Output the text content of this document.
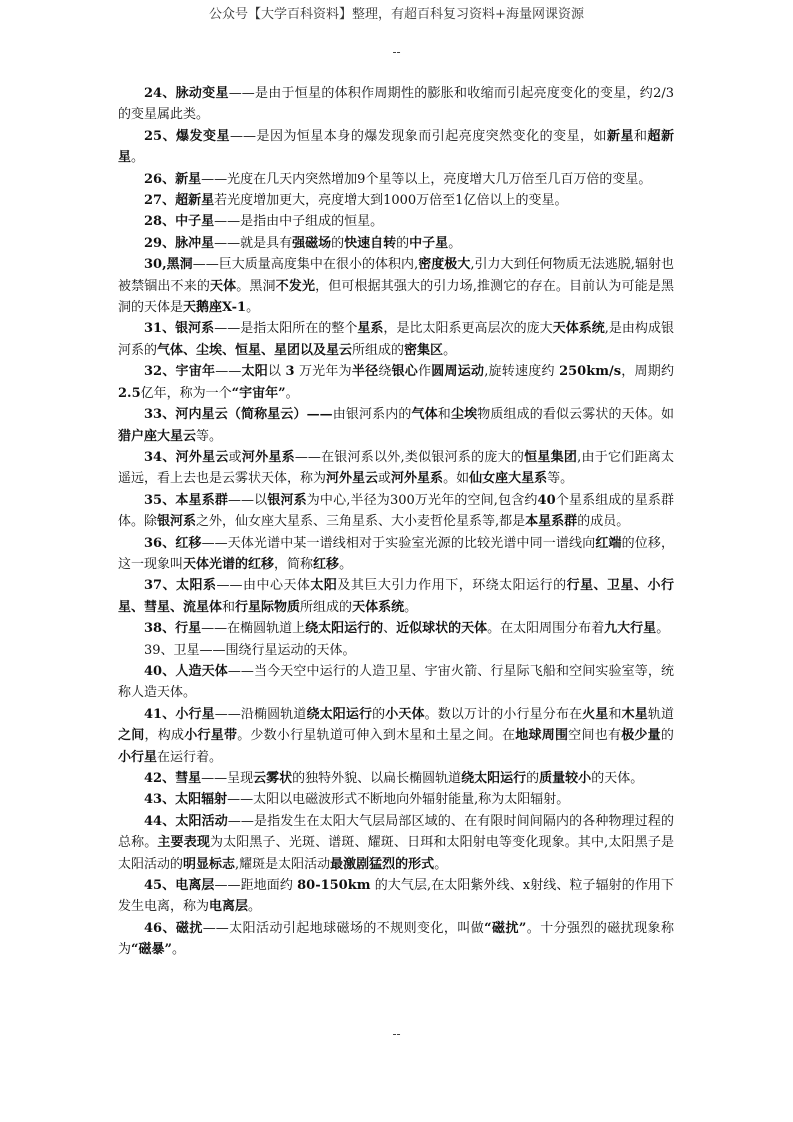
公众号【大学百科资料】整理，有超百科复习资料+海量网课资源
--

24、脉动变星——是由于恒星的体积作周期性的膨胀和收缩而引起亮度变化的变星，约2/3的变星属此类。

25、爆发变星——是因为恒星本身的爆发现象而引起亮度突然变化的变星，如新星和超新星。

26、新星——光度在几天内突然增加9个星等以上，亮度增大几万倍至几百万倍的变星。

27、超新星若光度增加更大，亮度增大到1000万倍至1亿倍以上的变星。

28、中子星——是指由中子组成的恒星。

29、脉冲星——就是具有强磁场的快速自转的中子星。

30,黑洞——巨大质量高度集中在很小的体积内,密度极大,引力大到任何物质无法逃脱,辐射也被禁锢出不来的天体。黑洞不发光，但可根据其强大的引力场,推测它的存在。目前认为可能是黑洞的天体是天鹅座X-1。

31、银河系——是指太阳所在的整个星系，是比太阳系更高层次的庞大天体系统,是由构成银河系的气体、尘埃、恒星、星团以及星云所组成的密集区。

32、宇宙年——太阳以 3 万光年为半径绕银心作圆周运动,旋转速度约 250km/s，周期约 2.5亿年，称为一个“宇宙年”。

33、河内星云（简称星云）——由银河系内的气体和尘埃物质组成的看似云雾状的天体。如猎户座大星云等。

34、河外星云或河外星系——在银河系以外,类似银河系的庞大的恒星集团,由于它们距离太遥远，看上去也是云雾状天体，称为河外星云或河外星系。如仙女座大星系等。

35、本星系群——以银河系为中心,半径为300万光年的空间,包含约40个星系组成的星系群体。除银河系之外，仙女座大星系、三角星系、大小麦哲伦星系等,都是本星系群的成员。

36、红移——天体光谱中某一谱线相对于实验室光源的比较光谱中同一谱线向红端的位移，这一现象叫天体光谱的红移，简称红移。

37、太阳系——由中心天体太阳及其巨大引力作用下，环绕太阳运行的行星、卫星、小行星、彗星、流星体和行星际物质所组成的天体系统。

38、行星——在椭圆轨道上绕太阳运行的、近似球状的天体。在太阳周围分布着九大行星。

39、卫星——围绕行星运动的天体。

40、人造天体——当今天空中运行的人造卫星、宇宙火箭、行星际飞船和空间实验室等，统称人造天体。

41、小行星——沿椭圆轨道绕太阳运行的小天体。数以万计的小行星分布在火星和木星轨道之间，构成小行星带。少数小行星轨道可伸入到木星和土星之间。在地球周围空间也有极少量的小行星在运行着。

42、彗星——呈现云雾状的独特外貌、以扁长椭圆轨道绕太阳运行的质量较小的天体。

43、太阳辐射——太阳以电磁波形式不断地向外辐射能量,称为太阳辐射。

44、太阳活动——是指发生在太阳大气层局部区域的、在有限时间间隔内的各种物理过程的总称。主要表现为太阳黑子、光斑、谱斑、耀斑、日珥和太阳射电等变化现象。其中,太阳黑子是太阳活动的明显标志,耀斑是太阳活动最激剧猛烈的形式。

45、电离层——距地面约 80-150km 的大气层,在太阳紫外线、x射线、粒子辐射的作用下发生电离，称为电离层。

46、磁扰——太阳活动引起地球磁场的不规则变化，叫做“磁扰”。十分强烈的磁扰现象称为“磁暴”。

--
